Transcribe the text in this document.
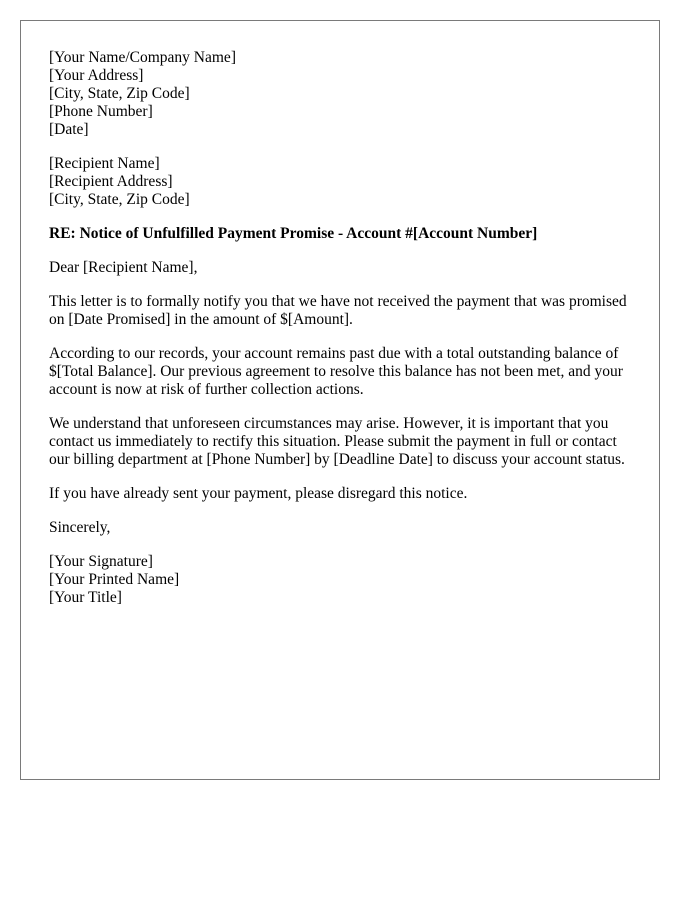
[Your Name/Company Name]
[Your Address]
[City, State, Zip Code]
[Phone Number]
[Date]
[Recipient Name]
[Recipient Address]
[City, State, Zip Code]

RE: Notice of Unfulfilled Payment Promise - Account #[Account Number]

Dear [Recipient Name],

This letter is to formally notify you that we have not received the payment that was promised on [Date Promised] in the amount of $[Amount].

According to our records, your account remains past due with a total outstanding balance of $[Total Balance]. Our previous agreement to resolve this balance has not been met, and your account is now at risk of further collection actions.

We understand that unforeseen circumstances may arise. However, it is important that you contact us immediately to rectify this situation. Please submit the payment in full or contact our billing department at [Phone Number] by [Deadline Date] to discuss your account status.

If you have already sent your payment, please disregard this notice.

Sincerely,

[Your Signature]
[Your Printed Name]
[Your Title]
